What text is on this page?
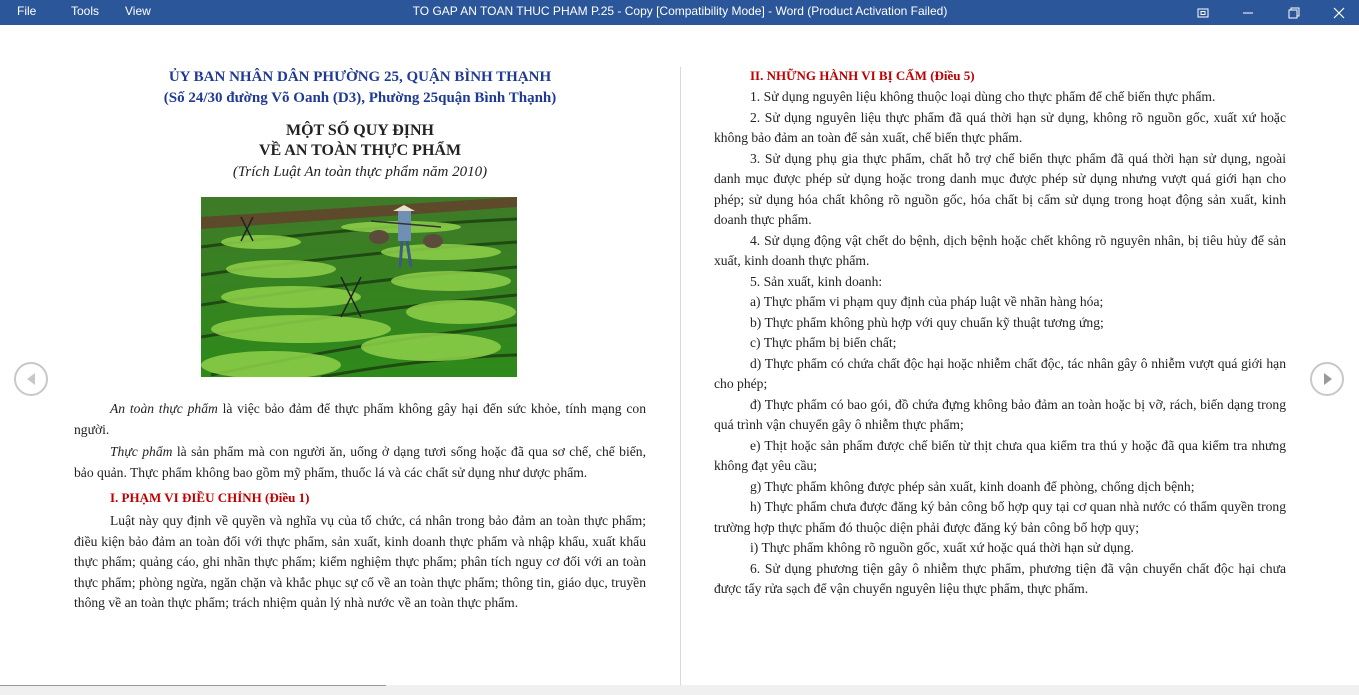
File	Tools View	TO GAP AN TOAN THUC PHAM P.25 - Copy [Compatibility Mode] - Word (Product Activation Failed)
ỦY BAN NHÂN DÂN PHƯỜNG 25, QUẬN BÌNH THẠNH
(Số 24/30 đường Võ Oanh (D3), Phường 25quận Bình Thạnh)
MỘT SỐ QUY ĐỊNH
VỀ AN TOÀN THỰC PHẨM
(Trích Luật An toàn thực phẩm năm 2010)

An toàn thực phẩm là việc bảo đảm để thực phẩm không gây hại đến sức khỏe, tính mạng con người.

Thực phẩm là sản phẩm mà con người ăn, uống ở dạng tươi sống hoặc đã qua sơ chế, chế biến, bảo quản. Thực phẩm không bao gồm mỹ phẩm, thuốc lá và các chất sử dụng như dược phẩm.

I. PHẠM VI ĐIỀU CHỈNH (Điều 1)

Luật này quy định về quyền và nghĩa vụ của tổ chức, cá nhân trong bảo đảm an toàn thực phẩm; điều kiện bảo đảm an toàn đối với thực phẩm, sản xuất, kinh doanh thực phẩm và nhập khẩu, xuất khẩu thực phẩm; quảng cáo, ghi nhãn thực phẩm; kiểm nghiệm thực phẩm; phân tích nguy cơ đối với an toàn thực phẩm; phòng ngừa, ngăn chặn và khắc phục sự cố về an toàn thực phẩm; thông tin, giáo dục, truyền thông về an toàn thực phẩm; trách nhiệm quản lý nhà nước về an toàn thực phẩm.

II. NHỮNG HÀNH VI BỊ CẤM (Điều 5)

1. Sử dụng nguyên liệu không thuộc loại dùng cho thực phẩm để chế biến thực phẩm.

2. Sử dụng nguyên liệu thực phẩm đã quá thời hạn sử dụng, không rõ nguồn gốc, xuất xứ hoặc không bảo đảm an toàn để sản xuất, chế biến thực phẩm.

3. Sử dụng phụ gia thực phẩm, chất hỗ trợ chế biến thực phẩm đã quá thời hạn sử dụng, ngoài danh mục được phép sử dụng hoặc trong danh mục được phép sử dụng nhưng vượt quá giới hạn cho phép; sử dụng hóa chất không rõ nguồn gốc, hóa chất bị cấm sử dụng trong hoạt động sản xuất, kinh doanh thực phẩm.

4. Sử dụng động vật chết do bệnh, dịch bệnh hoặc chết không rõ nguyên nhân, bị tiêu hủy để sản xuất, kinh doanh thực phẩm.

5. Sản xuất, kinh doanh:

a) Thực phẩm vi phạm quy định của pháp luật về nhãn hàng hóa;

b) Thực phẩm không phù hợp với quy chuẩn kỹ thuật tương ứng;

c) Thực phẩm bị biến chất;

d) Thực phẩm có chứa chất độc hại hoặc nhiễm chất độc, tác nhân gây ô nhiễm vượt quá giới hạn cho phép;

đ) Thực phẩm có bao gói, đồ chứa đựng không bảo đảm an toàn hoặc bị vỡ, rách, biến dạng trong quá trình vận chuyển gây ô nhiễm thực phẩm;

e) Thịt hoặc sản phẩm được chế biến từ thịt chưa qua kiểm tra thú y hoặc đã qua kiểm tra nhưng không đạt yêu cầu;

g) Thực phẩm không được phép sản xuất, kinh doanh để phòng, chống dịch bệnh;

h) Thực phẩm chưa được đăng ký bản công bố hợp quy tại cơ quan nhà nước có thẩm quyền trong trường hợp thực phẩm đó thuộc diện phải được đăng ký bản công bố hợp quy;

i) Thực phẩm không rõ nguồn gốc, xuất xứ hoặc quá thời hạn sử dụng.

6. Sử dụng phương tiện gây ô nhiễm thực phẩm, phương tiện đã vận chuyển chất độc hại chưa được tẩy rửa sạch để vận chuyển nguyên liệu thực phẩm, thực phẩm.
